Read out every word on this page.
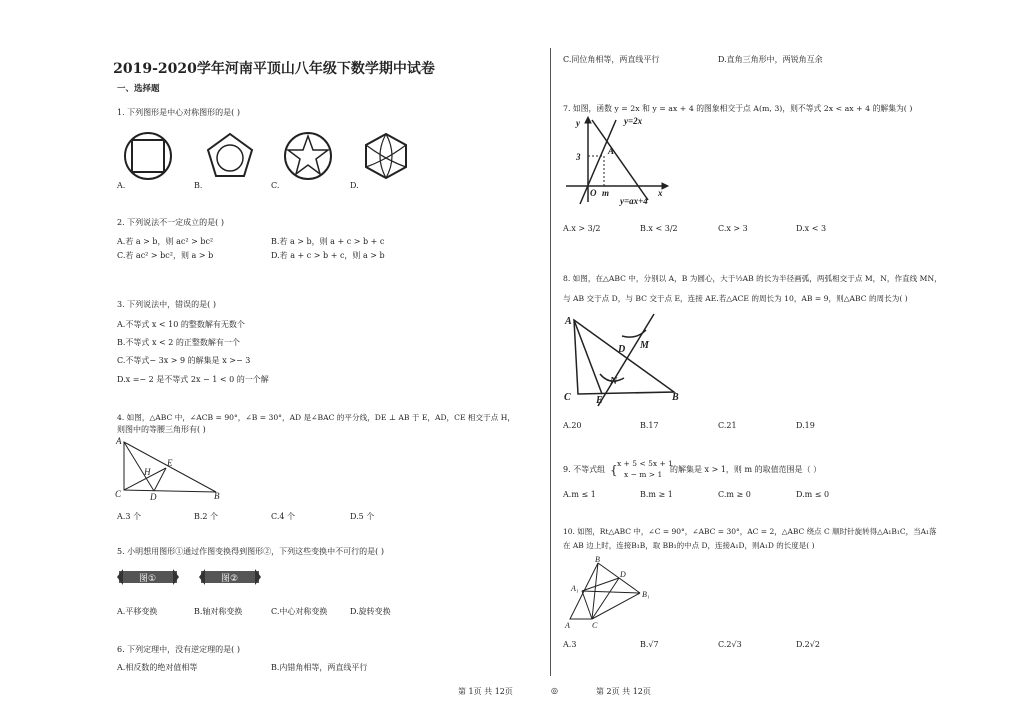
2019-2020学年河南平顶山八年级下数学期中试卷
一、选择题
1. 下列图形是中心对称图形的是( )
A.	B.	C.	D.
2. 下列说法不一定成立的是( )
A.若 a > b，则 ac² > bc²	B.若 a > b，则 a + c > b + c
C.若 ac² > bc²，则 a > b	D.若 a + c > b + c，则 a > b
3. 下列说法中，错误的是( )
A.不等式 x < 10 的整数解有无数个
B.不等式 x < 2 的正整数解有一个
C.不等式− 3x > 9 的解集是 x >− 3
D.x =− 2 是不等式 2x − 1 < 0 的一个解
4. 如图，△ABC 中，∠ACB = 90°，∠B = 30°，AD 是∠BAC 的平分线，DE ⊥ AB 于 E，AD，CE 相交于点 H，
则图中的等腰三角形有( )
A
E
H
C	D	B
A.3 个	B.2 个	C.4 个	D.5 个
5. 小明想用图形①通过作图变换得到图形②，下列这些变换中不可行的是( )
图①	图②
A.平移变换	B.轴对称变换	C.中心对称变换	D.旋转变换
6. 下列定理中，没有逆定理的是( )
A.相反数的绝对值相等	B.内错角相等，两直线平行
C.同位角相等，两直线平行	D.直角三角形中，两锐角互余
7. 如图，函数 y = 2x 和 y = ax + 4 的图象相交于点 A(m, 3)，则不等式 2x < ax + 4 的解集为( )
y	y=2x
3
A
O m	x
y=ax+4
A.x > 3/2	B.x < 3/2	C.x > 3	D.x < 3
8. 如图，在△ABC 中，分别以 A，B 为圆心，大于½AB 的长为半径画弧，两弧相交于点 M，N，作直线 MN，
与 AB 交于点 D，与 BC 交于点 E，连接 AE.若△ACE 的周长为 10，AB = 9，则△ABC 的周长为( )
A
D M
N
C	E	B
A.20	B.17	C.21	D.19
9. 不等式组 { x + 5 < 5x + 1
x − m > 1
的解集是 x > 1，则 m 的取值范围是（ ）
A.m ≤ 1	B.m ≥ 1	C.m ≥ 0	D.m ≤ 0
10. 如图，Rt△ABC 中，∠C = 90°，∠ABC = 30°，AC = 2，△ABC 绕点 C 顺时针旋转得△A₁B₁C，当A₁落
在 AB 边上时，连接B₁B，取 BB₁的中点 D，连接A₁D，则A₁D 的长度是( )
B
D
A₁
B₁
A	C
A.3	B.√7	C.2√3	D.2√2
第 1页 共 12页	◎	第 2页 共 12页
